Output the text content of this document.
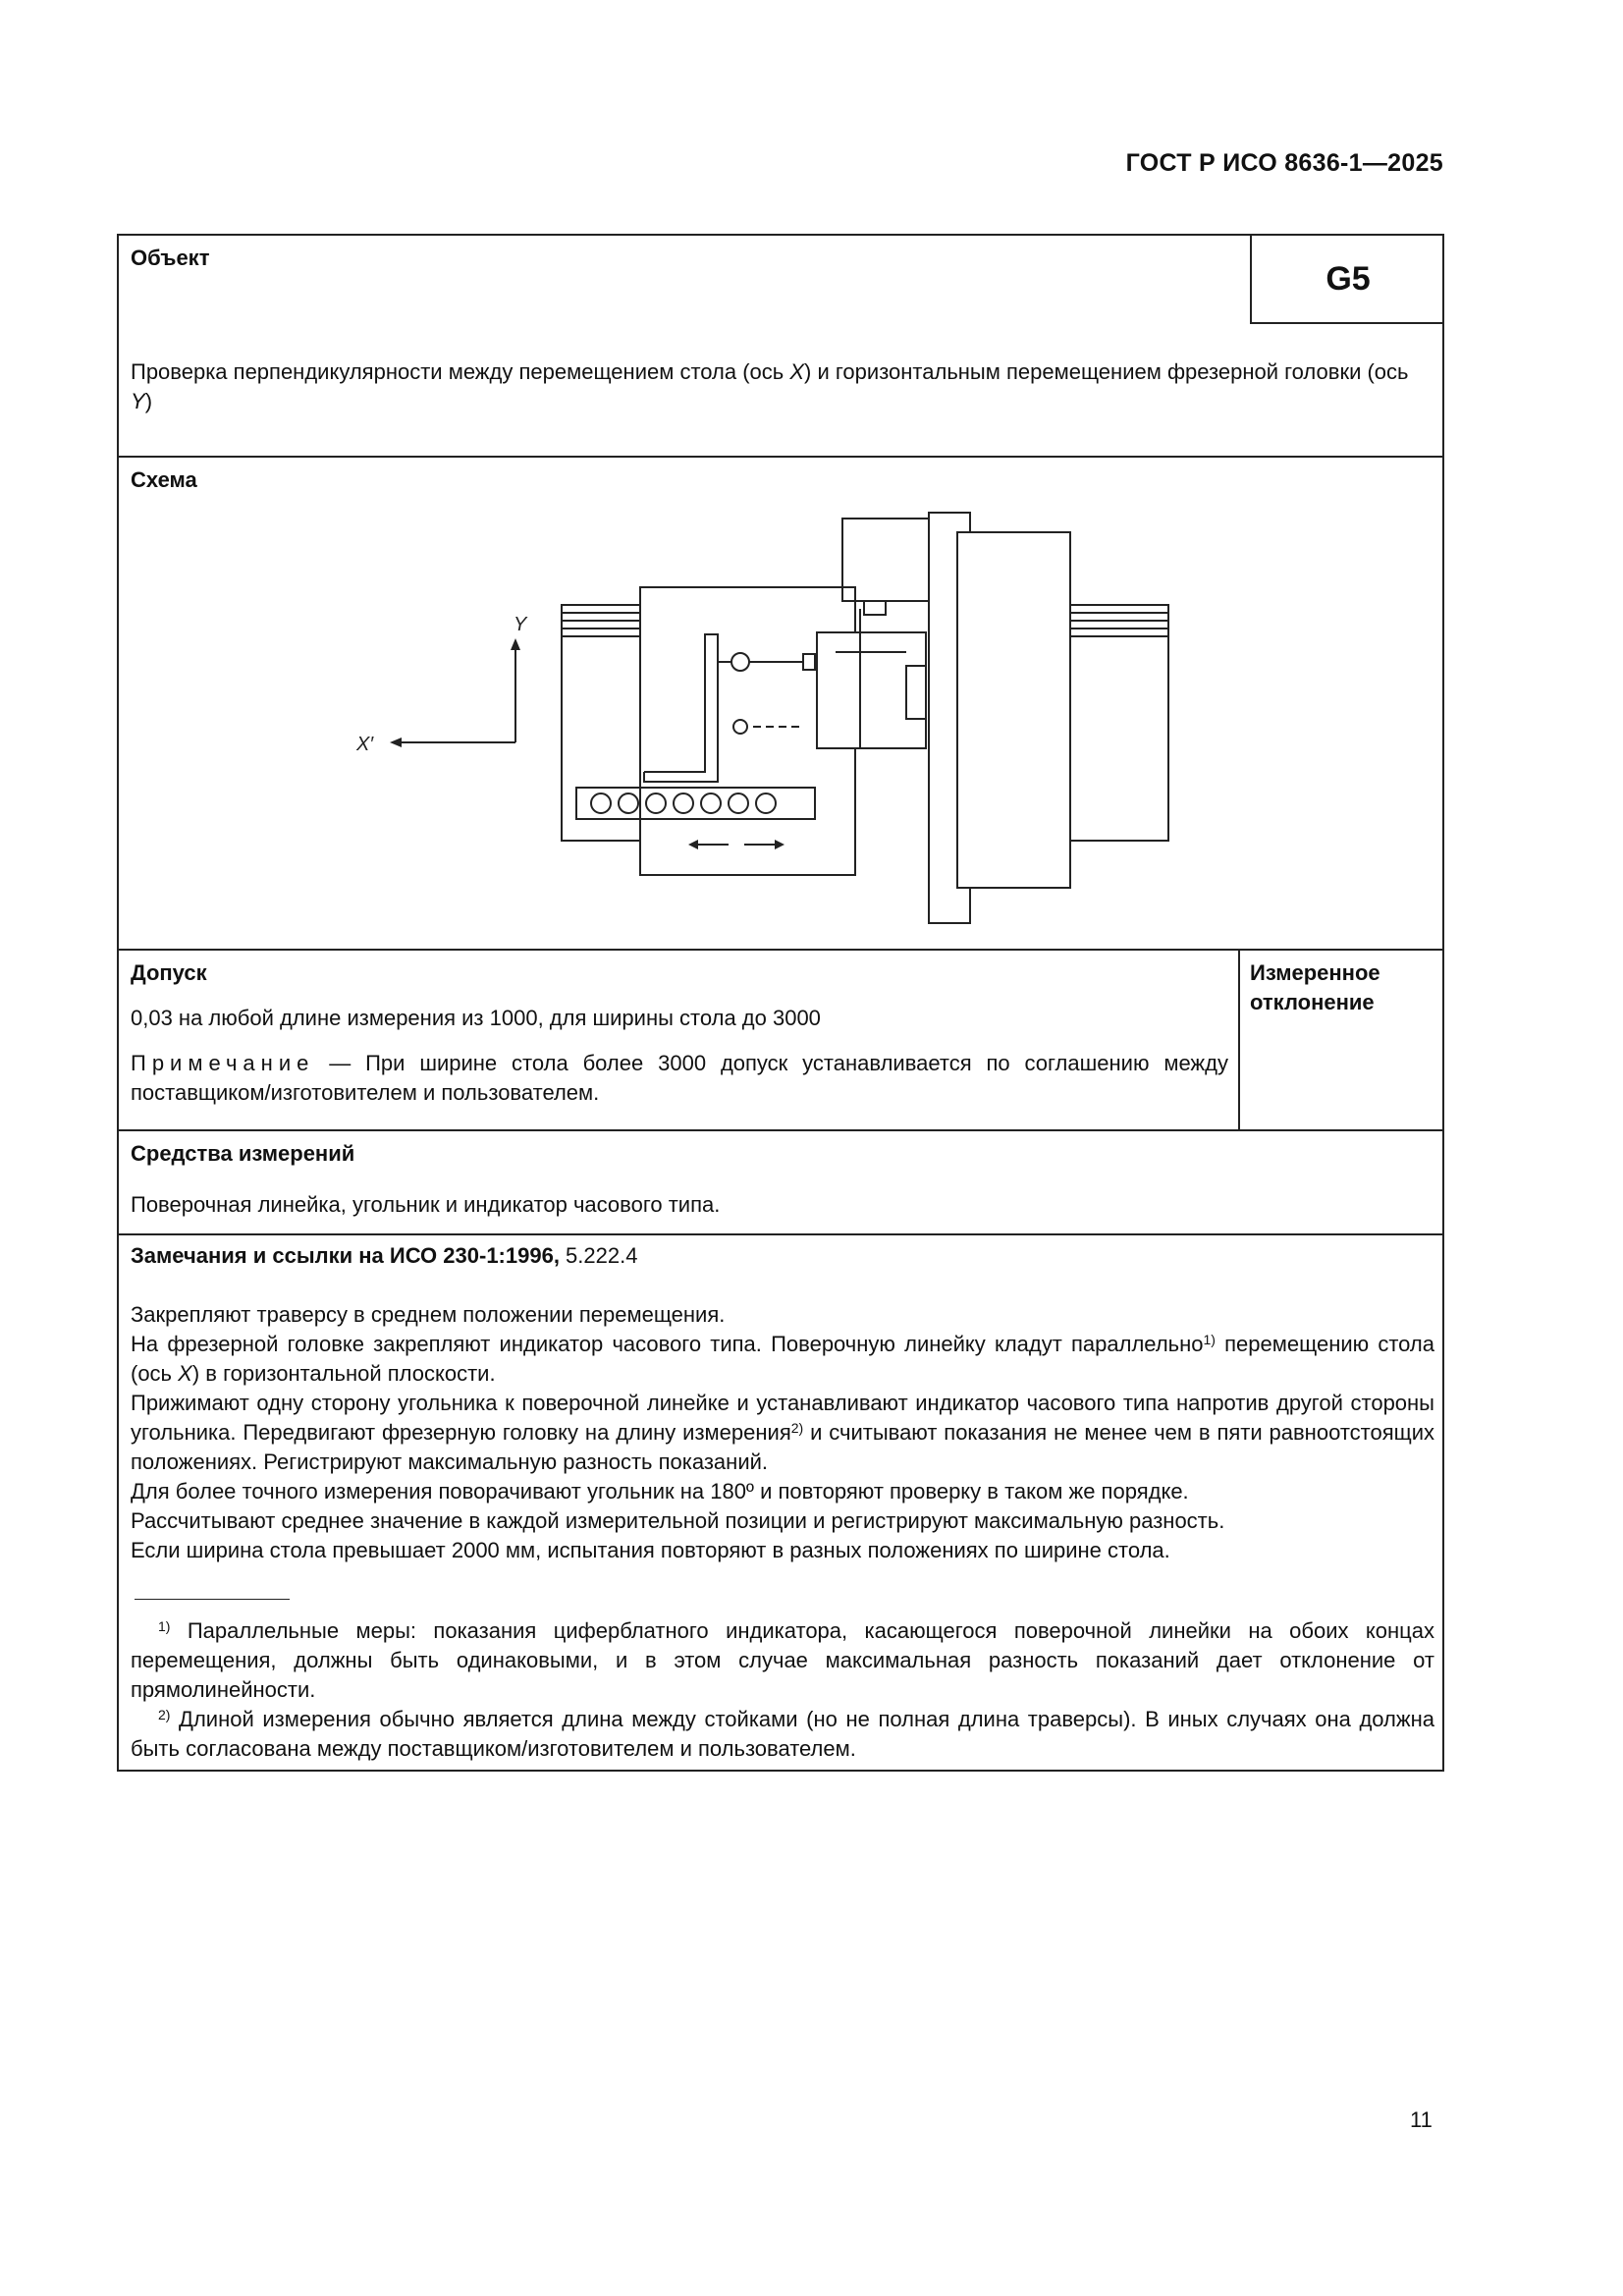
ГОСТ Р ИСО 8636-1—2025
Объект
G5
Проверка перпендикулярности между перемещением стола (ось X) и горизонтальным перемещением фрезерной головки (ось Y)
Схема
Y
X′
Допуск
0,03 на любой длине измерения из 1000, для ширины стола до 3000
Примечание — При ширине стола более 3000 допуск устанавливается по соглашению между поставщиком/изготовителем и пользователем.
Измеренное отклонение
Средства измерений
Поверочная линейка, угольник и индикатор часового типа.
Замечания и ссылки на ИСО 230-1:1996, 5.222.4
Закрепляют траверсу в среднем положении перемещения.
На фрезерной головке закрепляют индикатор часового типа. Поверочную линейку кладут параллельно$^{1)}$ перемещению стола (ось X) в горизонтальной плоскости.
Прижимают одну сторону угольника к поверочной линейке и устанавливают индикатор часового типа напротив другой стороны угольника. Передвигают фрезерную головку на длину измерения$^{2)}$ и считывают показания не менее чем в пяти равноотстоящих положениях. Регистрируют максимальную разность показаний.
Для более точного измерения поворачивают угольник на 180º и повторяют проверку в таком же порядке.
Рассчитывают среднее значение в каждой измерительной позиции и регистрируют максимальную разность.
Если ширина стола превышает 2000 мм, испытания повторяют в разных положениях по ширине стола.
$^{1)}$ Параллельные меры: показания циферблатного индикатора, касающегося поверочной линейки на обоих концах перемещения, должны быть одинаковыми, и в этом случае максимальная разность показаний дает отклонение от прямолинейности.
$^{2)}$ Длиной измерения обычно является длина между стойками (но не полная длина траверсы). В иных случаях она должна быть согласована между поставщиком/изготовителем и пользователем.
11
